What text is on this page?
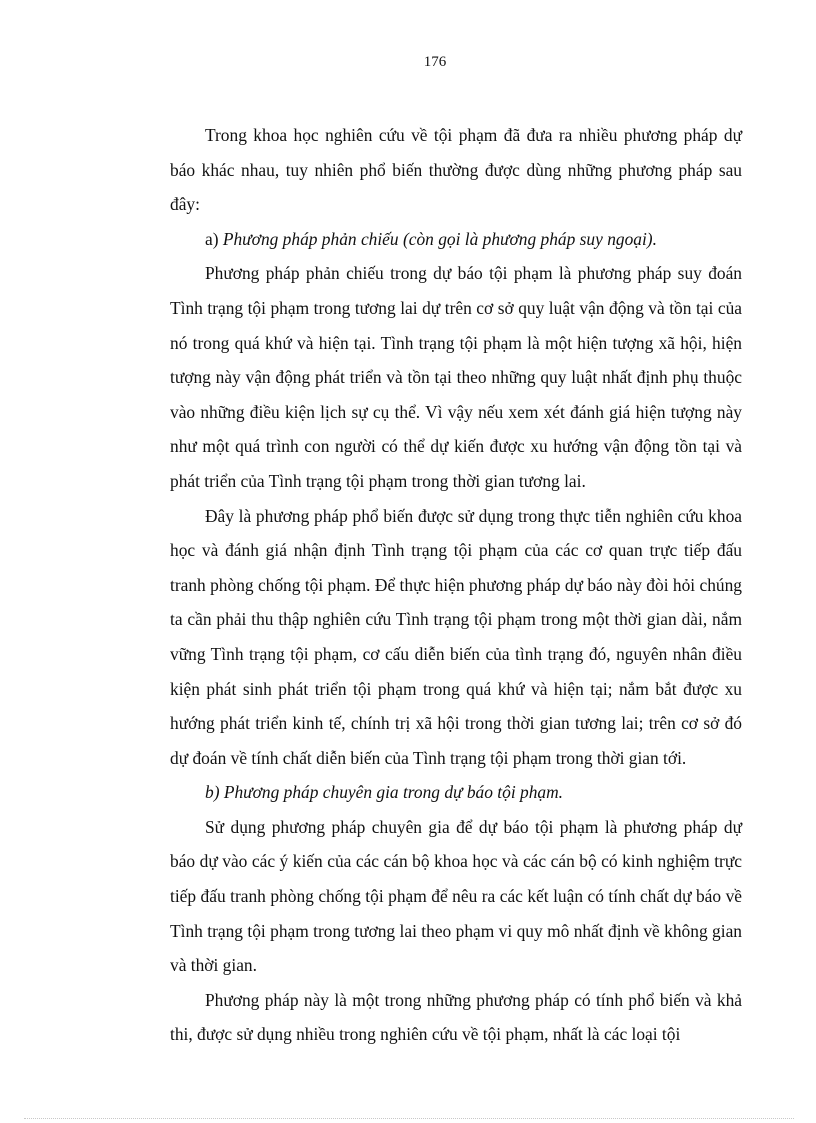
176

Trong khoa học nghiên cứu về tội phạm đã đưa ra nhiều phương pháp dự báo khác nhau, tuy nhiên phổ biến thường được dùng những phương pháp sau đây:

a) Phương pháp phản chiếu (còn gọi là phương pháp suy ngoại).

Phương pháp phản chiếu trong dự báo tội phạm là phương pháp suy đoán Tình trạng tội phạm trong tương lai dự trên cơ sở quy luật vận động và tồn tại của nó trong quá khứ và hiện tại. Tình trạng tội phạm là một hiện tượng xã hội, hiện tượng này vận động phát triển và tồn tại theo những quy luật nhất định phụ thuộc vào những điều kiện lịch sự cụ thể. Vì vậy nếu xem xét đánh giá hiện tượng này như một quá trình con người có thể dự kiến được xu hướng vận động tồn tại và phát triển của Tình trạng tội phạm trong thời gian tương lai.

Đây là phương pháp phổ biến được sử dụng trong thực tiễn nghiên cứu khoa học và đánh giá nhận định Tình trạng tội phạm của các cơ quan trực tiếp đấu tranh phòng chống tội phạm. Để thực hiện phương pháp dự báo này đòi hỏi chúng ta cần phải thu thập nghiên cứu Tình trạng tội phạm trong một thời gian dài, nắm vững Tình trạng tội phạm, cơ cấu diễn biến của tình trạng đó, nguyên nhân điều kiện phát sinh phát triển tội phạm trong quá khứ và hiện tại; nắm bắt được xu hướng phát triển kinh tế, chính trị xã hội trong thời gian tương lai; trên cơ sở đó dự đoán về tính chất diễn biến của Tình trạng tội phạm trong thời gian tới.

b) Phương pháp chuyên gia trong dự báo tội phạm.

Sử dụng phương pháp chuyên gia để dự báo tội phạm là phương pháp dự báo dự vào các ý kiến của các cán bộ khoa học và các cán bộ có kinh nghiệm trực tiếp đấu tranh phòng chống tội phạm để nêu ra các kết luận có tính chất dự báo về Tình trạng tội phạm trong tương lai theo phạm vi quy mô nhất định về không gian và thời gian.

Phương pháp này là một trong những phương pháp có tính phổ biến và khả thi, được sử dụng nhiều trong nghiên cứu về tội phạm, nhất là các loại tội
